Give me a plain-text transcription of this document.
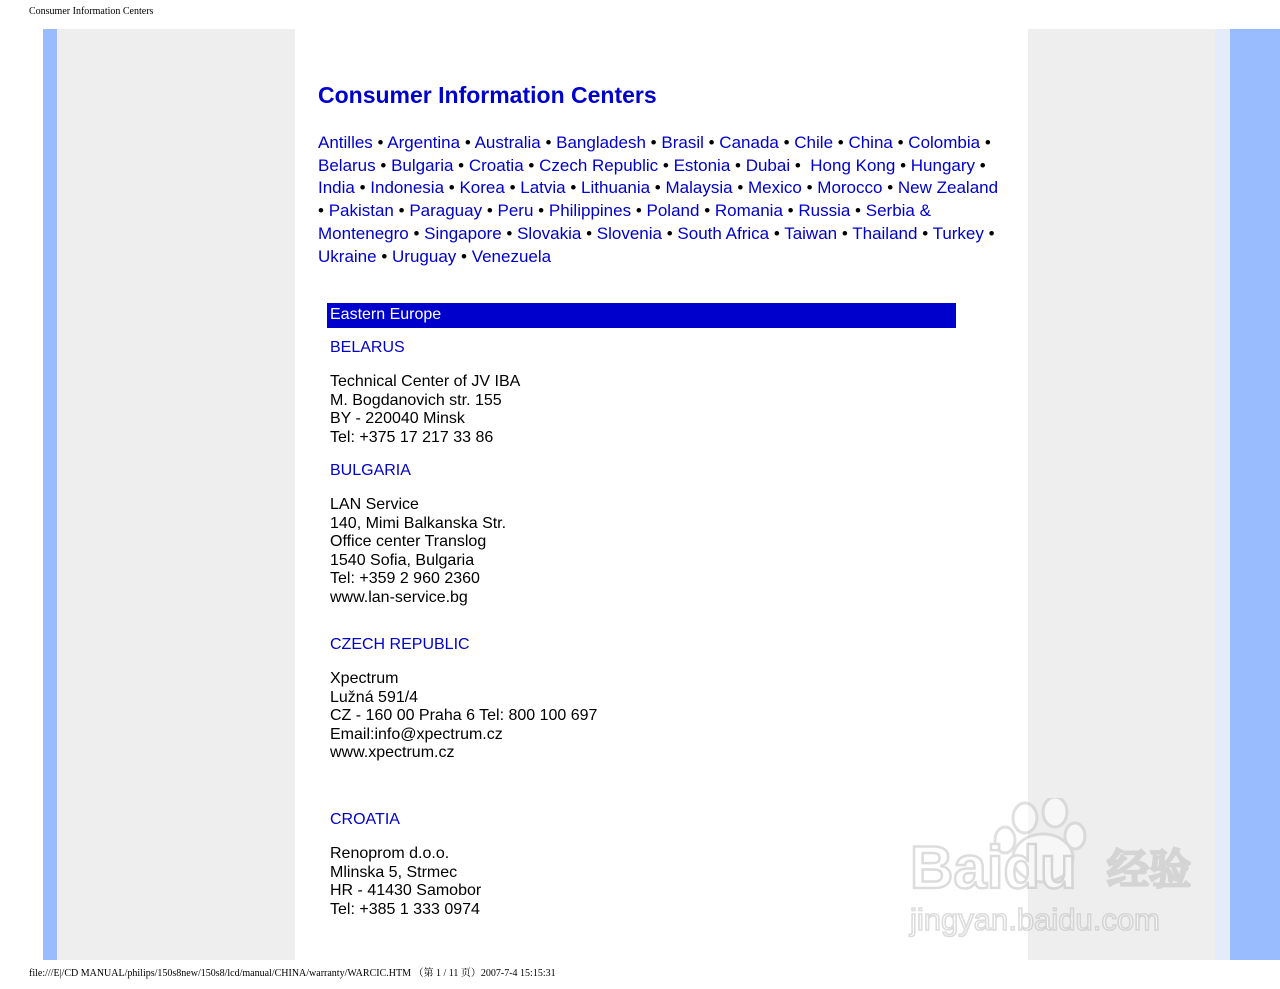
Consumer Information Centers
Consumer Information Centers
Antilles • Argentina • Australia • Bangladesh • Brasil • Canada • Chile • China • Colombia •
Belarus • Bulgaria • Croatia • Czech Republic • Estonia • Dubai • Hong Kong • Hungary •
India • Indonesia • Korea • Latvia • Lithuania • Malaysia • Mexico • Morocco • New Zealand
• Pakistan • Paraguay • Peru • Philippines • Poland • Romania • Russia • Serbia &
Montenegro • Singapore • Slovakia • Slovenia • South Africa • Taiwan • Thailand • Turkey •
Ukraine • Uruguay • Venezuela
Eastern Europe
BELARUS
Technical Center of JV IBA
M. Bogdanovich str. 155
BY - 220040 Minsk
Tel: +375 17 217 33 86
BULGARIA
LAN Service
140, Mimi Balkanska Str.
Office center Translog
1540 Sofia, Bulgaria
Tel: +359 2 960 2360
www.lan-service.bg
CZECH REPUBLIC
Xpectrum
Lužná 591/4
CZ - 160 00 Praha 6 Tel: 800 100 697
Email:info@xpectrum.cz
www.xpectrum.cz
CROATIA
Renoprom d.o.o.
Mlinska 5, Strmec
HR - 41430 Samobor
Tel: +385 1 333 0974
Baidu 经验
jingyan.baidu.com
file:///E|/CD MANUAL/philips/150s8new/150s8/lcd/manual/CHINA/warranty/WARCIC.HTM （第 1 / 11 页）2007-7-4 15:15:31
